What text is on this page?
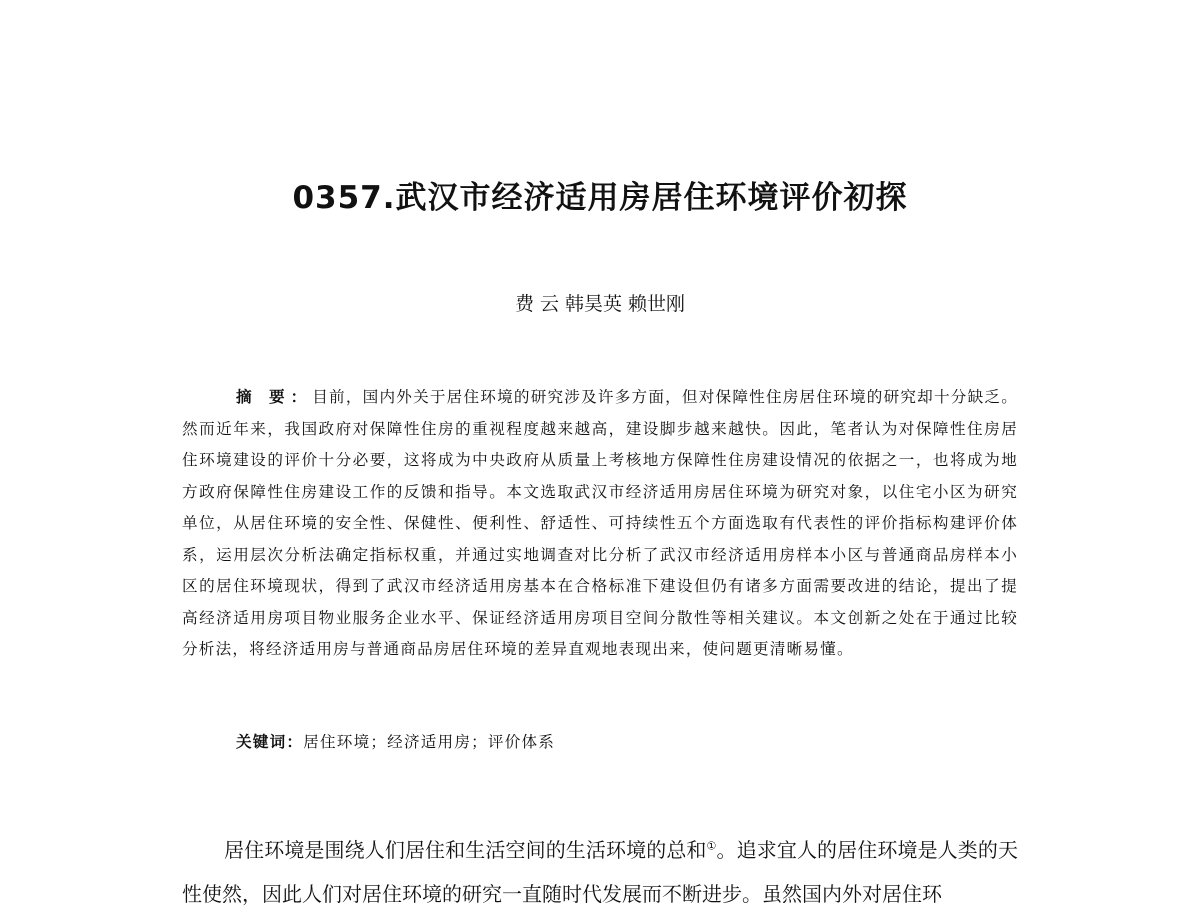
0357.武汉市经济适用房居住环境评价初探

费 云 韩昊英 赖世刚

摘 要：目前，国内外关于居住环境的研究涉及许多方面，但对保障性住房居住环境的研究却十分缺乏。然而近年来，我国政府对保障性住房的重视程度越来越高，建设脚步越来越快。因此，笔者认为对保障性住房居住环境建设的评价十分必要，这将成为中央政府从质量上考核地方保障性住房建设情况的依据之一，也将成为地方政府保障性住房建设工作的反馈和指导。本文选取武汉市经济适用房居住环境为研究对象，以住宅小区为研究单位，从居住环境的安全性、保健性、便利性、舒适性、可持续性五个方面选取有代表性的评价指标构建评价体系，运用层次分析法确定指标权重，并通过实地调查对比分析了武汉市经济适用房样本小区与普通商品房样本小区的居住环境现状，得到了武汉市经济适用房基本在合格标准下建设但仍有诸多方面需要改进的结论，提出了提高经济适用房项目物业服务企业水平、保证经济适用房项目空间分散性等相关建议。本文创新之处在于通过比较分析法，将经济适用房与普通商品房居住环境的差异直观地表现出来，使问题更清晰易懂。

关键词：居住环境；经济适用房；评价体系

居住环境是围绕人们居住和生活空间的生活环境的总和①。追求宜人的居住环境是人类的天性使然，因此人们对居住环境的研究一直随时代发展而不断进步。虽然国内外对居住环
